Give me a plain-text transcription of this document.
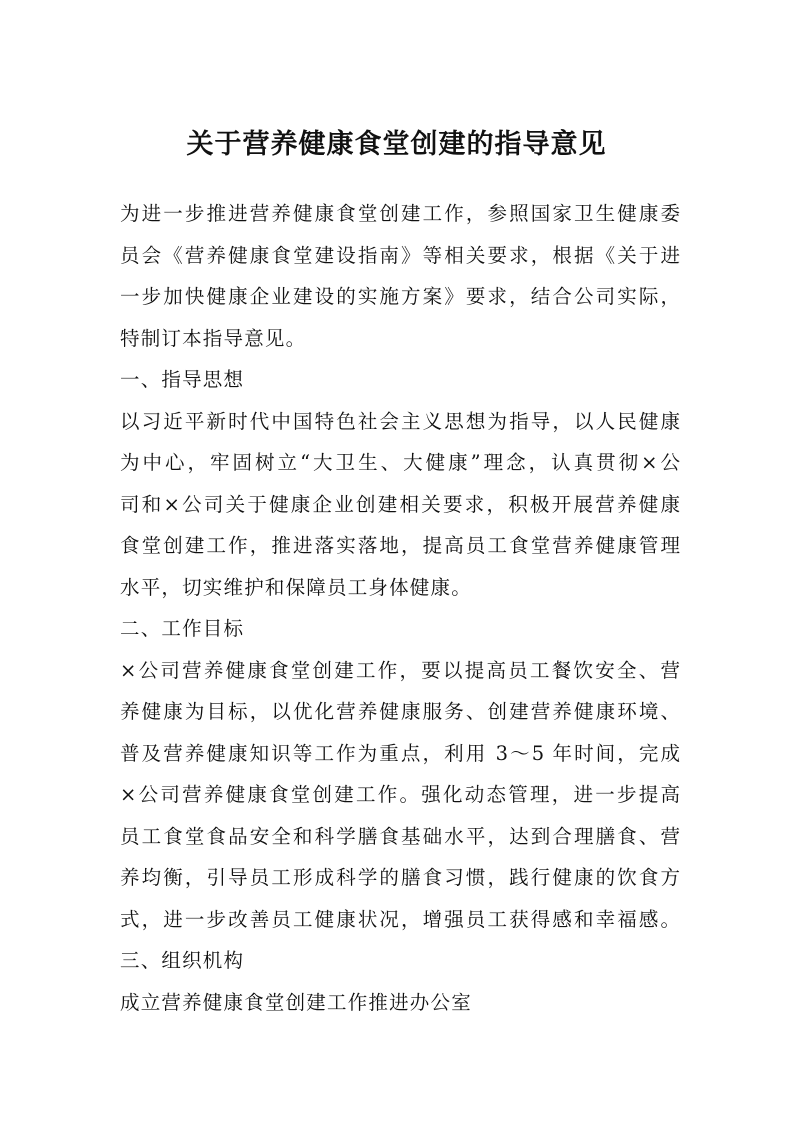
关于营养健康食堂创建的指导意见
为进一步推进营养健康食堂创建工作，参照国家卫生健康委
员会《营养健康食堂建设指南》等相关要求，根据《关于进
一步加快健康企业建设的实施方案》要求，结合公司实际，
特制订本指导意见。
一、指导思想
以习近平新时代中国特色社会主义思想为指导，以人民健康
为中心，牢固树立“大卫生、大健康”理念，认真贯彻×公
司和×公司关于健康企业创建相关要求，积极开展营养健康
食堂创建工作，推进落实落地，提高员工食堂营养健康管理
水平，切实维护和保障员工身体健康。
二、工作目标
×公司营养健康食堂创建工作，要以提高员工餐饮安全、营
养健康为目标，以优化营养健康服务、创建营养健康环境、
普及营养健康知识等工作为重点，利用 3～5 年时间，完成
×公司营养健康食堂创建工作。强化动态管理，进一步提高
员工食堂食品安全和科学膳食基础水平，达到合理膳食、营
养均衡，引导员工形成科学的膳食习惯，践行健康的饮食方
式，进一步改善员工健康状况，增强员工获得感和幸福感。
三、组织机构
成立营养健康食堂创建工作推进办公室
